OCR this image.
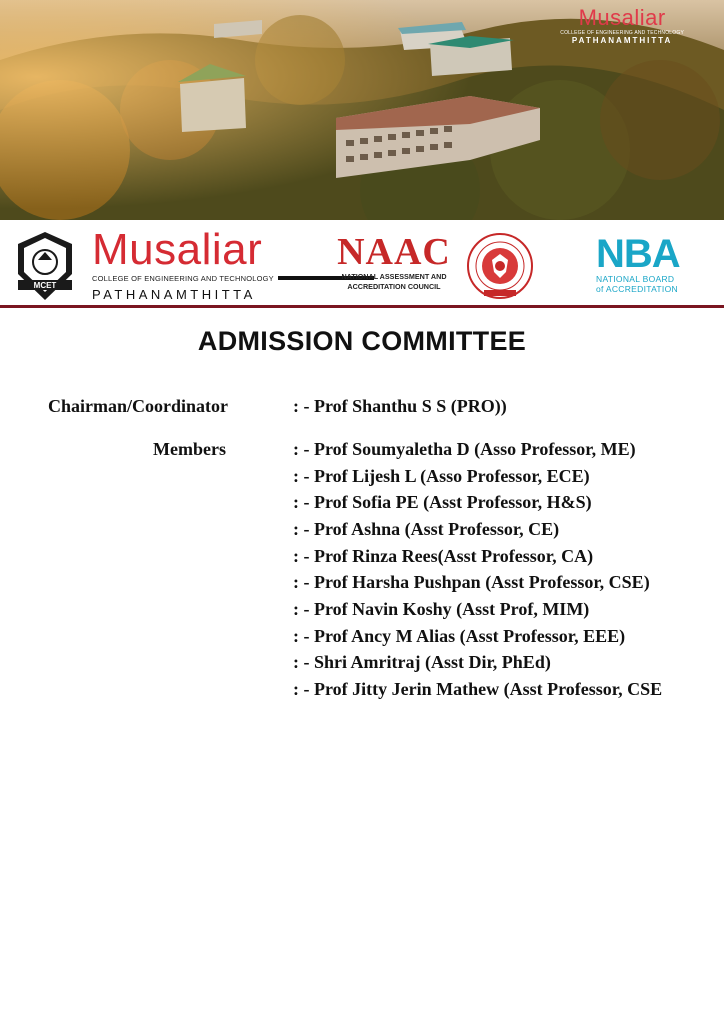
Musaliar
COLLEGE OF ENGINEERING AND TECHNOLOGY
PATHANAMTHITTA
MCET
Musaliar
COLLEGE OF ENGINEERING AND TECHNOLOGY
PATHANAMTHITTA
NAAC
NATIONAL ASSESSMENT AND
ACCREDITATION COUNCIL
NBA
NATIONAL BOARD
of ACCREDITATION
ADMISSION COMMITTEE
Chairman/Coordinator	: - Prof Shanthu S S (PRO))
Members	: - Prof Soumyaletha D (Asso Professor, ME)
: - Prof Lijesh L (Asso Professor, ECE)
: - Prof Sofia PE (Asst Professor, H&S)
: - Prof Ashna (Asst Professor, CE)
: - Prof Rinza Rees(Asst Professor, CA)
: - Prof Harsha Pushpan (Asst Professor, CSE)
: - Prof Navin Koshy (Asst Prof, MIM)
: - Prof Ancy M Alias (Asst Professor, EEE)
: - Shri Amritraj (Asst Dir, PhEd)
: - Prof Jitty Jerin Mathew (Asst Professor, CSE
